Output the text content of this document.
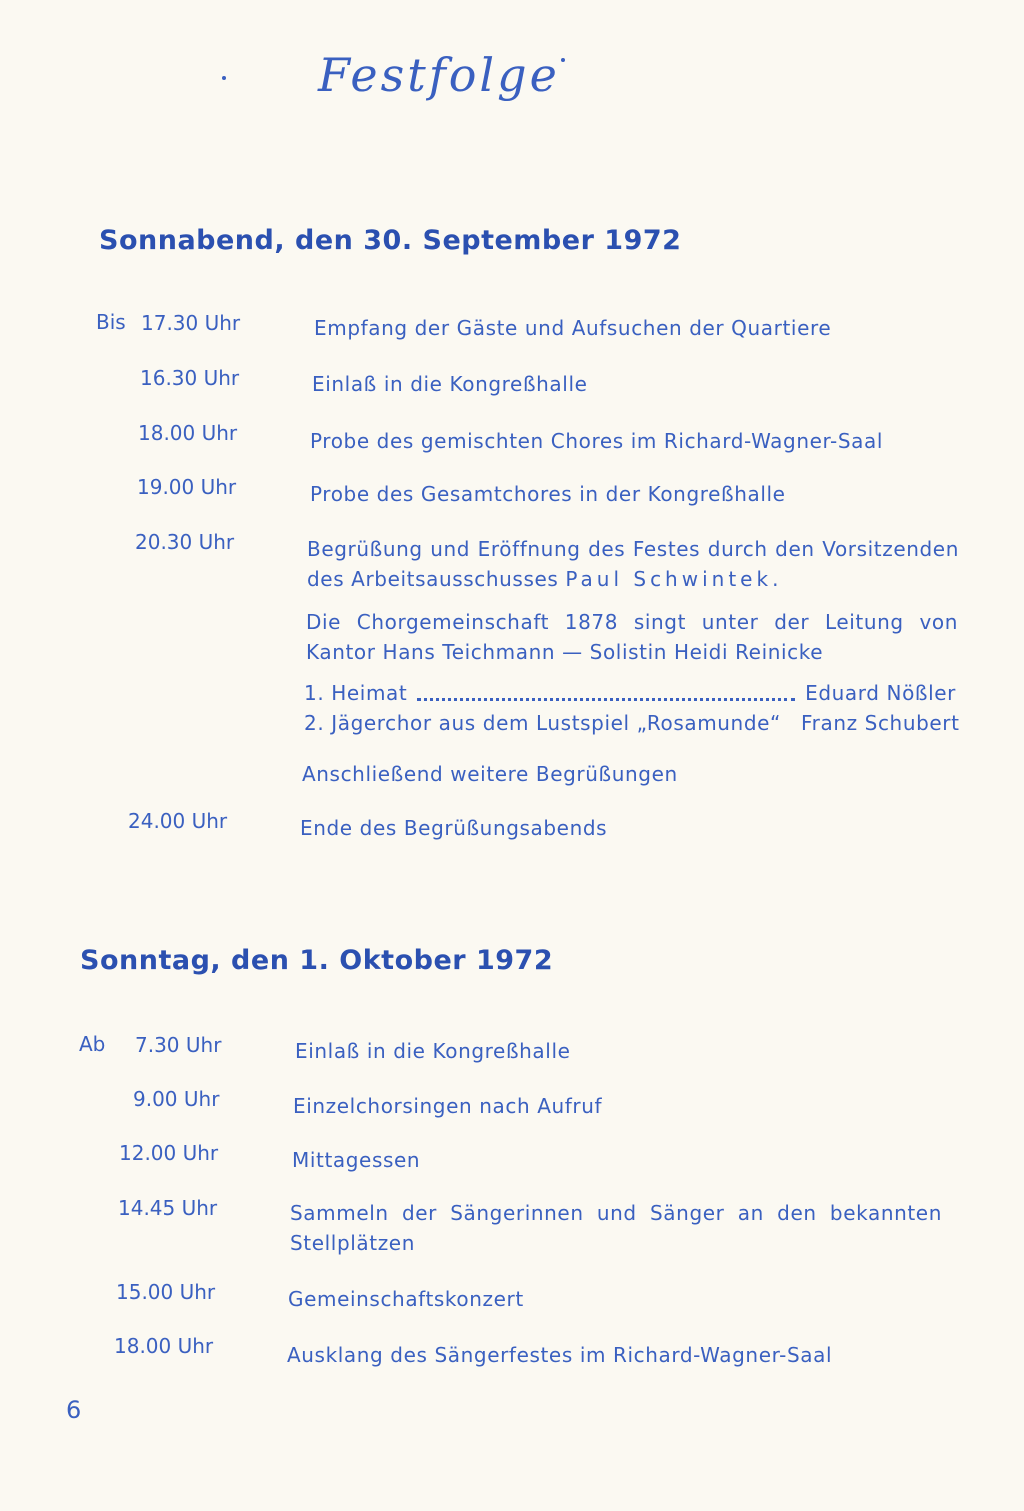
Festfolge
Sonnabend, den 30. September 1972
Bis 17.30 Uhr	Empfang der Gäste und Aufsuchen der Quartiere
16.30 Uhr	Einlaß in die Kongreßhalle
18.00 Uhr	Probe des gemischten Chores im Richard-Wagner-Saal
19.00 Uhr	Probe des Gesamtchores in der Kongreßhalle
20.30 Uhr	Begrüßung und Eröffnung des Festes durch den Vorsitzenden des Arbeitsausschusses Paul Schwintek.
Die Chorgemeinschaft 1878 singt unter der Leitung von Kantor Hans Teichmann — Solistin Heidi Reinicke
1. Heimat	Eduard Nößler
2. Jägerchor aus dem Lustspiel „Rosamunde“ Franz Schubert
Anschließend weitere Begrüßungen
24.00 Uhr	Ende des Begrüßungsabends
Sonntag, den 1. Oktober 1972
Ab 7.30 Uhr	Einlaß in die Kongreßhalle
9.00 Uhr	Einzelchorsingen nach Aufruf
12.00 Uhr	Mittagessen
14.45 Uhr	Sammeln der Sängerinnen und Sänger an den bekannten Stellplätzen
15.00 Uhr	Gemeinschaftskonzert
18.00 Uhr	Ausklang des Sängerfestes im Richard-Wagner-Saal
6
